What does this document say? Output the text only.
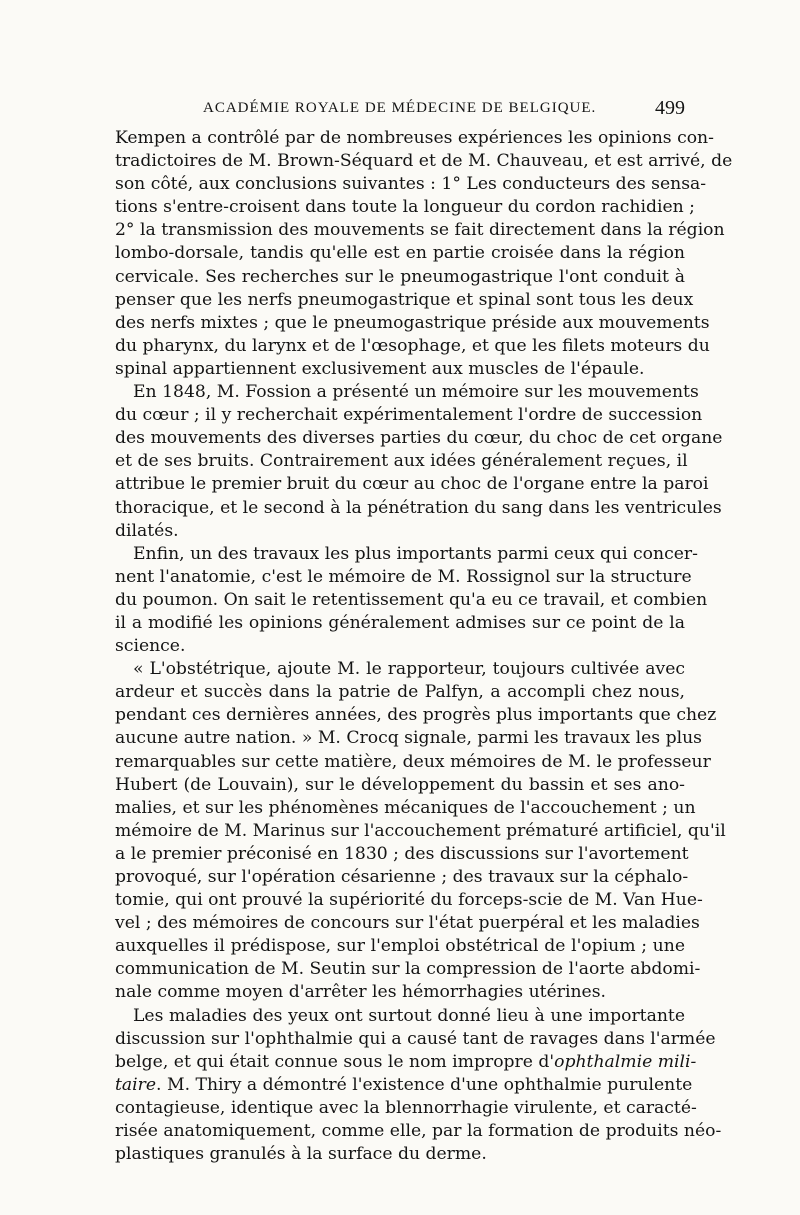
ACADÉMIE ROYALE DE MÉDECINE DE BELGIQUE.	499
Kempen a contrôlé par de nombreuses expériences les opinions con-
tradictoires de M. Brown-Séquard et de M. Chauveau, et est arrivé, de
son côté, aux conclusions suivantes : 1° Les conducteurs des sensa-
tions s'entre-croisent dans toute la longueur du cordon rachidien ;
2° la transmission des mouvements se fait directement dans la région
lombo-dorsale, tandis qu'elle est en partie croisée dans la région
cervicale. Ses recherches sur le pneumogastrique l'ont conduit à
penser que les nerfs pneumogastrique et spinal sont tous les deux
des nerfs mixtes ; que le pneumogastrique préside aux mouvements
du pharynx, du larynx et de l'œsophage, et que les filets moteurs du
spinal appartiennent exclusivement aux muscles de l'épaule.
En 1848, M. Fossion a présenté un mémoire sur les mouvements
du cœur ; il y recherchait expérimentalement l'ordre de succession
des mouvements des diverses parties du cœur, du choc de cet organe
et de ses bruits. Contrairement aux idées généralement reçues, il
attribue le premier bruit du cœur au choc de l'organe entre la paroi
thoracique, et le second à la pénétration du sang dans les ventricules
dilatés.
Enfin, un des travaux les plus importants parmi ceux qui concer-
nent l'anatomie, c'est le mémoire de M. Rossignol sur la structure
du poumon. On sait le retentissement qu'a eu ce travail, et combien
il a modifié les opinions généralement admises sur ce point de la
science.
« L'obstétrique, ajoute M. le rapporteur, toujours cultivée avec
ardeur et succès dans la patrie de Palfyn, a accompli chez nous,
pendant ces dernières années, des progrès plus importants que chez
aucune autre nation. » M. Crocq signale, parmi les travaux les plus
remarquables sur cette matière, deux mémoires de M. le professeur
Hubert (de Louvain), sur le développement du bassin et ses ano-
malies, et sur les phénomènes mécaniques de l'accouchement ; un
mémoire de M. Marinus sur l'accouchement prématuré artificiel, qu'il
a le premier préconisé en 1830 ; des discussions sur l'avortement
provoqué, sur l'opération césarienne ; des travaux sur la céphalo-
tomie, qui ont prouvé la supériorité du forceps-scie de M. Van Hue-
vel ; des mémoires de concours sur l'état puerpéral et les maladies
auxquelles il prédispose, sur l'emploi obstétrical de l'opium ; une
communication de M. Seutin sur la compression de l'aorte abdomi-
nale comme moyen d'arrêter les hémorrhagies utérines.
Les maladies des yeux ont surtout donné lieu à une importante
discussion sur l'ophthalmie qui a causé tant de ravages dans l'armée
belge, et qui était connue sous le nom impropre d'ophthalmie mili-
taire. M. Thiry a démontré l'existence d'une ophthalmie purulente
contagieuse, identique avec la blennorrhagie virulente, et caracté-
risée anatomiquement, comme elle, par la formation de produits néo-
plastiques granulés à la surface du derme.
